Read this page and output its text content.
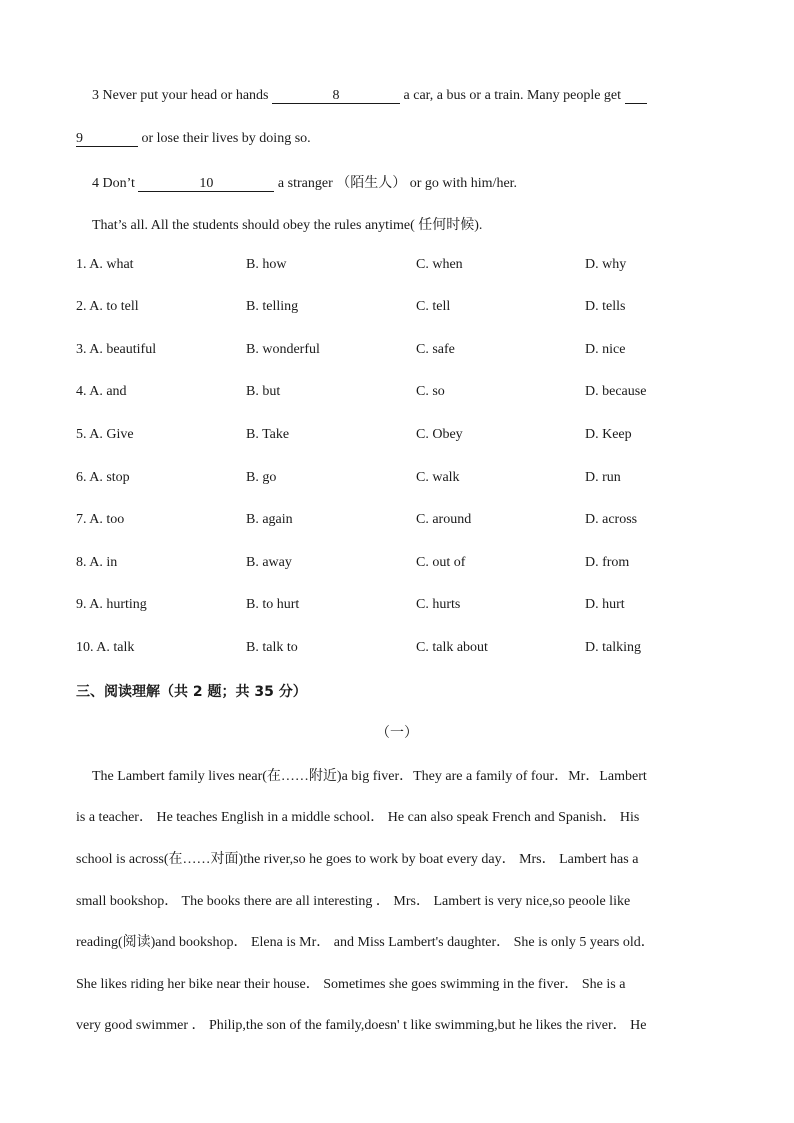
3 Never put your head or hands	8	a car, a bus or a train. Many people get
9	or lose their lives by doing so.
4 Don’t	10	a stranger （陌生人） or go with him/her.
That’s all. All the students should obey the rules anytime( 任何时候).
1. A. what	B. how	C. when	D. why
2. A. to tell	B. telling	C. tell	D. tells
3. A. beautiful	B. wonderful	C. safe	D. nice
4. A. and	B. but	C. so	D. because
5. A. Give	B. Take	C. Obey	D. Keep
6. A. stop	B. go	C. walk	D. run
7. A. too	B. again	C. around	D. across
8. A. in	B. away	C. out of	D. from
9. A. hurting	B. to hurt	C. hurts	D. hurt
10. A. talk	B. talk to	C. talk about	D. talking
三、阅读理解（共 2 题；共 35 分）
（一）
The Lambert family lives near(在……附近)a big fiver．They are a family of four．Mr．Lambert
is a teacher． He teaches English in a middle school． He can also speak French and Spanish． His
school is across(在……对面)the river,so he goes to work by boat every day． Mrs． Lambert has a
small bookshop． The books there are all interesting ． Mrs． Lambert is very nice,so peoole like
reading(阅读)and bookshop． Elena is Mr． and Miss Lambert's daughter． She is only 5 years old．
She likes riding her bike near their house． Sometimes she goes swimming in the fiver． She is a
very good swimmer ． Philip,the son of the family,doesn' t like swimming,but he likes the river． He
